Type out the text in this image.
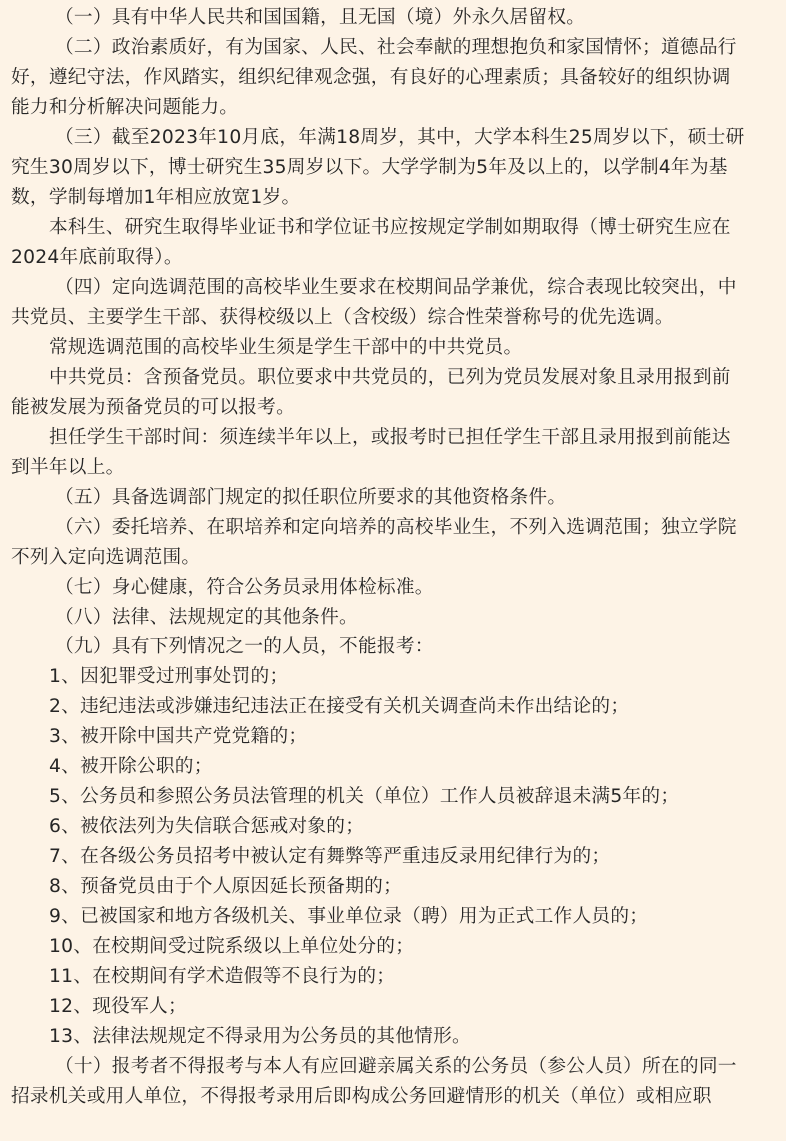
（一）具有中华人民共和国国籍，且无国（境）外永久居留权。
（二）政治素质好，有为国家、人民、社会奉献的理想抱负和家国情怀；道德品行
好，遵纪守法，作风踏实，组织纪律观念强，有良好的心理素质；具备较好的组织协调
能力和分析解决问题能力。
（三）截至2023年10月底，年满18周岁，其中，大学本科生25周岁以下，硕士研
究生30周岁以下，博士研究生35周岁以下。大学学制为5年及以上的，以学制4年为基
数，学制每增加1年相应放宽1岁。
本科生、研究生取得毕业证书和学位证书应按规定学制如期取得（博士研究生应在
2024年底前取得）。
（四）定向选调范围的高校毕业生要求在校期间品学兼优，综合表现比较突出，中
共党员、主要学生干部、获得校级以上（含校级）综合性荣誉称号的优先选调。
常规选调范围的高校毕业生须是学生干部中的中共党员。
中共党员：含预备党员。职位要求中共党员的，已列为党员发展对象且录用报到前
能被发展为预备党员的可以报考。
担任学生干部时间：须连续半年以上，或报考时已担任学生干部且录用报到前能达
到半年以上。
（五）具备选调部门规定的拟任职位所要求的其他资格条件。
（六）委托培养、在职培养和定向培养的高校毕业生，不列入选调范围；独立学院
不列入定向选调范围。
（七）身心健康，符合公务员录用体检标准。
（八）法律、法规规定的其他条件。
（九）具有下列情况之一的人员，不能报考：
1、因犯罪受过刑事处罚的；
2、违纪违法或涉嫌违纪违法正在接受有关机关调查尚未作出结论的；
3、被开除中国共产党党籍的；
4、被开除公职的；
5、公务员和参照公务员法管理的机关（单位）工作人员被辞退未满5年的；
6、被依法列为失信联合惩戒对象的；
7、在各级公务员招考中被认定有舞弊等严重违反录用纪律行为的；
8、预备党员由于个人原因延长预备期的；
9、已被国家和地方各级机关、事业单位录（聘）用为正式工作人员的；
10、在校期间受过院系级以上单位处分的；
11、在校期间有学术造假等不良行为的；
12、现役军人；
13、法律法规规定不得录用为公务员的其他情形。
（十）报考者不得报考与本人有应回避亲属关系的公务员（参公人员）所在的同一
招录机关或用人单位，不得报考录用后即构成公务回避情形的机关（单位）或相应职
